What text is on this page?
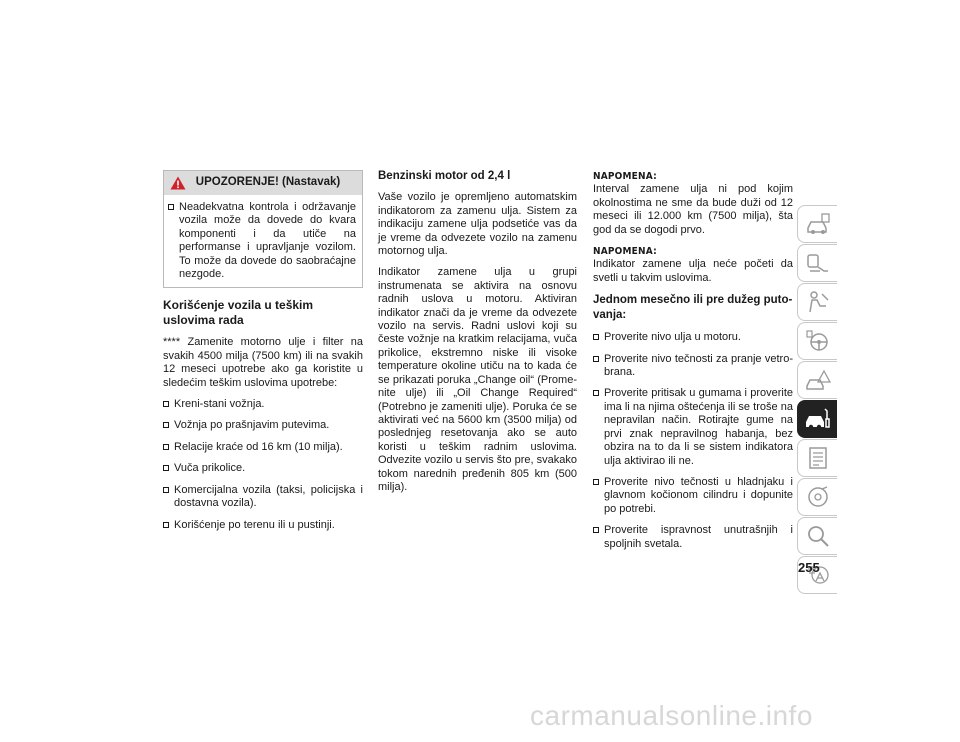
UPOZORENJE! (Nastavak)
Neadekvatna kontrola i održavanje vozila može da dovede do kvara komponenti i da utiče na performanse i upravljanje vozilom. To može da dovede do saobraćajne nezgode.
Korišćenje vozila u teškim uslovima rada

**** Zamenite motorno ulje i filter na svakih 4500 milja (7500 km) ili na svakih 12 meseci upotrebe ako ga koristite u sledećim teškim uslovima upotrebe:

Kreni-stani vožnja.
Vožnja po prašnjavim putevima.
Relacije kraće od 16 km (10 milja).
Vuča prikolice.
Komercijalna vozila (taksi, policijska i dostavna vozila).
Korišćenje po terenu ili u pustinji.
Benzinski motor od 2,4 l

Vaše vozilo je opremljeno automatskim indikatorom za zamenu ulja. Sistem za indikaciju zamene ulja podsetiće vas da je vreme da odvezete vozilo na zamenu motornog ulja.

Indikator zamene ulja u grupi instrumenata se aktivira na osnovu radnih uslova u motoru. Aktiviran indikator znači da je vreme da odvezete vozilo na servis. Radni uslovi koji su česte vožnje na kratkim relacijama, vuča prikolice, ekstremno niske ili visoke temperature okoline utiču na to kada će se prikazati poruka „Change oil“ (Promenite ulje) ili „Oil Change Required“ (Potrebno je zameniti ulje). Poruka će se aktivirati već na 5600 km (3500 milja) od poslednjeg resetovanja ako se auto koristi u teškim radnim uslovima. Odvezite vozilo u servis što pre, svakako tokom narednih pređenih 805 km (500 milja).

NAPOMENA:

Interval zamene ulja ni pod kojim okolnostima ne sme da bude duži od 12 meseci ili 12.000 km (7500 milja), šta god da se dogodi prvo.

NAPOMENA:

Indikator zamene ulja neće početi da svetli u takvim uslovima.

Jednom mesečno ili pre dužeg putovanja:
Proverite nivo ulja u motoru.
Proverite nivo tečnosti za pranje vetrobrana.
Proverite pritisak u gumama i proverite ima li na njima oštećenja ili se troše na nepravilan način. Rotirajte gume na prvi znak nepravilnog habanja, bez obzira na to da li se sistem indikatora ulja aktivirao ili ne.
Proverite nivo tečnosti u hladnjaku i glavnom kočionom cilindru i dopunite po potrebi.
Proverite ispravnost unutrašnjih i spoljnih svetala.
255
carmanualsonline.info
